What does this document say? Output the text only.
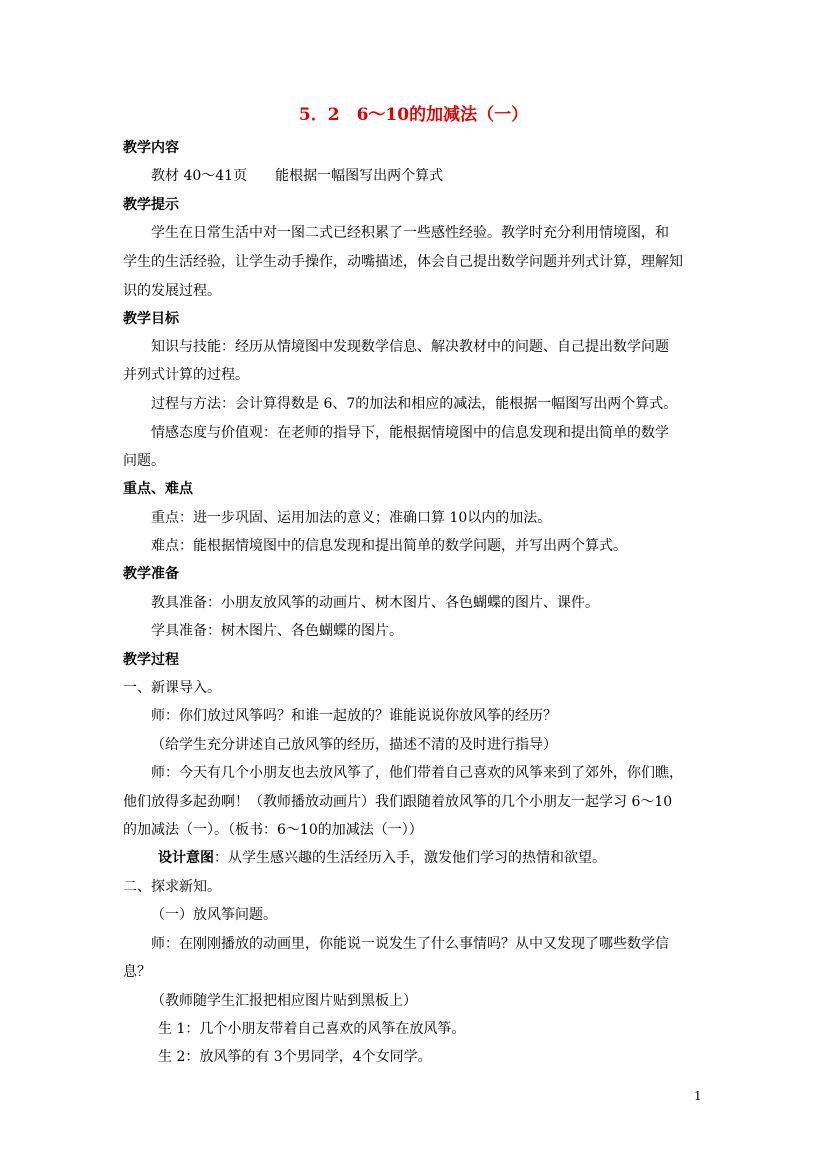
5．2　6～10的加减法（一）
教学内容
教材 40～41页　　能根据一幅图写出两个算式
教学提示
学生在日常生活中对一图二式已经积累了一些感性经验。教学时充分利用情境图，和
学生的生活经验，让学生动手操作，动嘴描述，体会自己提出数学问题并列式计算，理解知
识的发展过程。
教学目标
知识与技能：经历从情境图中发现数学信息、解决教材中的问题、自己提出数学问题
并列式计算的过程。
过程与方法：会计算得数是 6、7的加法和相应的减法，能根据一幅图写出两个算式。
情感态度与价值观：在老师的指导下，能根据情境图中的信息发现和提出简单的数学
问题。
重点、难点
重点：进一步巩固、运用加法的意义；准确口算 10以内的加法。
难点：能根据情境图中的信息发现和提出简单的数学问题，并写出两个算式。
教学准备
教具准备：小朋友放风筝的动画片、树木图片、各色蝴蝶的图片、课件。
学具准备：树木图片、各色蝴蝶的图片。
教学过程
一、新课导入。
师：你们放过风筝吗？和谁一起放的？谁能说说你放风筝的经历？
（给学生充分讲述自己放风筝的经历，描述不清的及时进行指导）
师：今天有几个小朋友也去放风筝了，他们带着自己喜欢的风筝来到了郊外，你们瞧，
他们放得多起劲啊！（教师播放动画片）我们跟随着放风筝的几个小朋友一起学习 6～10
的加减法（一）。（板书：6～10的加减法（一））
设计意图：从学生感兴趣的生活经历入手，激发他们学习的热情和欲望。
二、探求新知。
（一）放风筝问题。
师：在刚刚播放的动画里，你能说一说发生了什么事情吗？从中又发现了哪些数学信
息？
（教师随学生汇报把相应图片贴到黑板上）
生 1：几个小朋友带着自己喜欢的风筝在放风筝。
生 2：放风筝的有 3个男同学，4个女同学。
1
